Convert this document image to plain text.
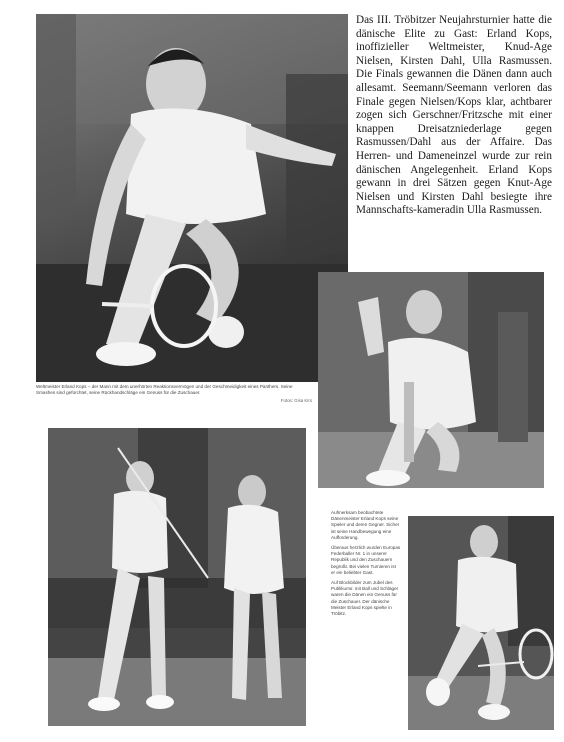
Das III. Tröbitzer Neujahrsturnier hatte die dänische Elite zu Gast: Erland Kops, inoffizieller Weltmeister, Knud-Age Nielsen, Kirsten Dahl, Ulla Rasmussen. Die Finals gewannen die Dänen dann auch allesamt. Seemann/Seemann verloren das Finale gegen Nielsen/Kops klar, achtbarer zogen sich Gerschner/Fritzsche mit einer knappen Dreisatzniederlage gegen Rasmussen/Dahl aus der Affaire. Das Herren- und Dameneinzel wurde zur rein dänischen Angelegenheit. Erland Kops gewann in drei Sätzen gegen Knut-Age Nielsen und Kirsten Dahl besiegte ihre Mannschafts-kameradin Ulla Rasmussen.

Weltmeister Erland Kops – der Mann mit dem unerhörten Reaktionsvermögen und der Geschmeidigkeit eines Panthers. Seine Smashes sind gefürchtet, seine Rückhandschläge ein Genuss für die Zuschauer.

Fotos: Gisa Kirs

Aufmerksam beobachtete Dänenmeister Erland Kops seine Spieler und deren Gegner. Sicher ist seine Handbewegung eine Aufforderung.

Überaus herzlich wurden Europas Federballer Nr. 1 in unserer Republik und den Zuschauern begrüßt. Bei vielen Turnieren ist er ein beliebter Gast.

Auf Blockbilder zum Jubel des Publikums: mit Ball und Schläger waren die Dänen ein Genuss für die Zuschauer. Der dänische Meister Erland Kops spielte in Tröbitz.
